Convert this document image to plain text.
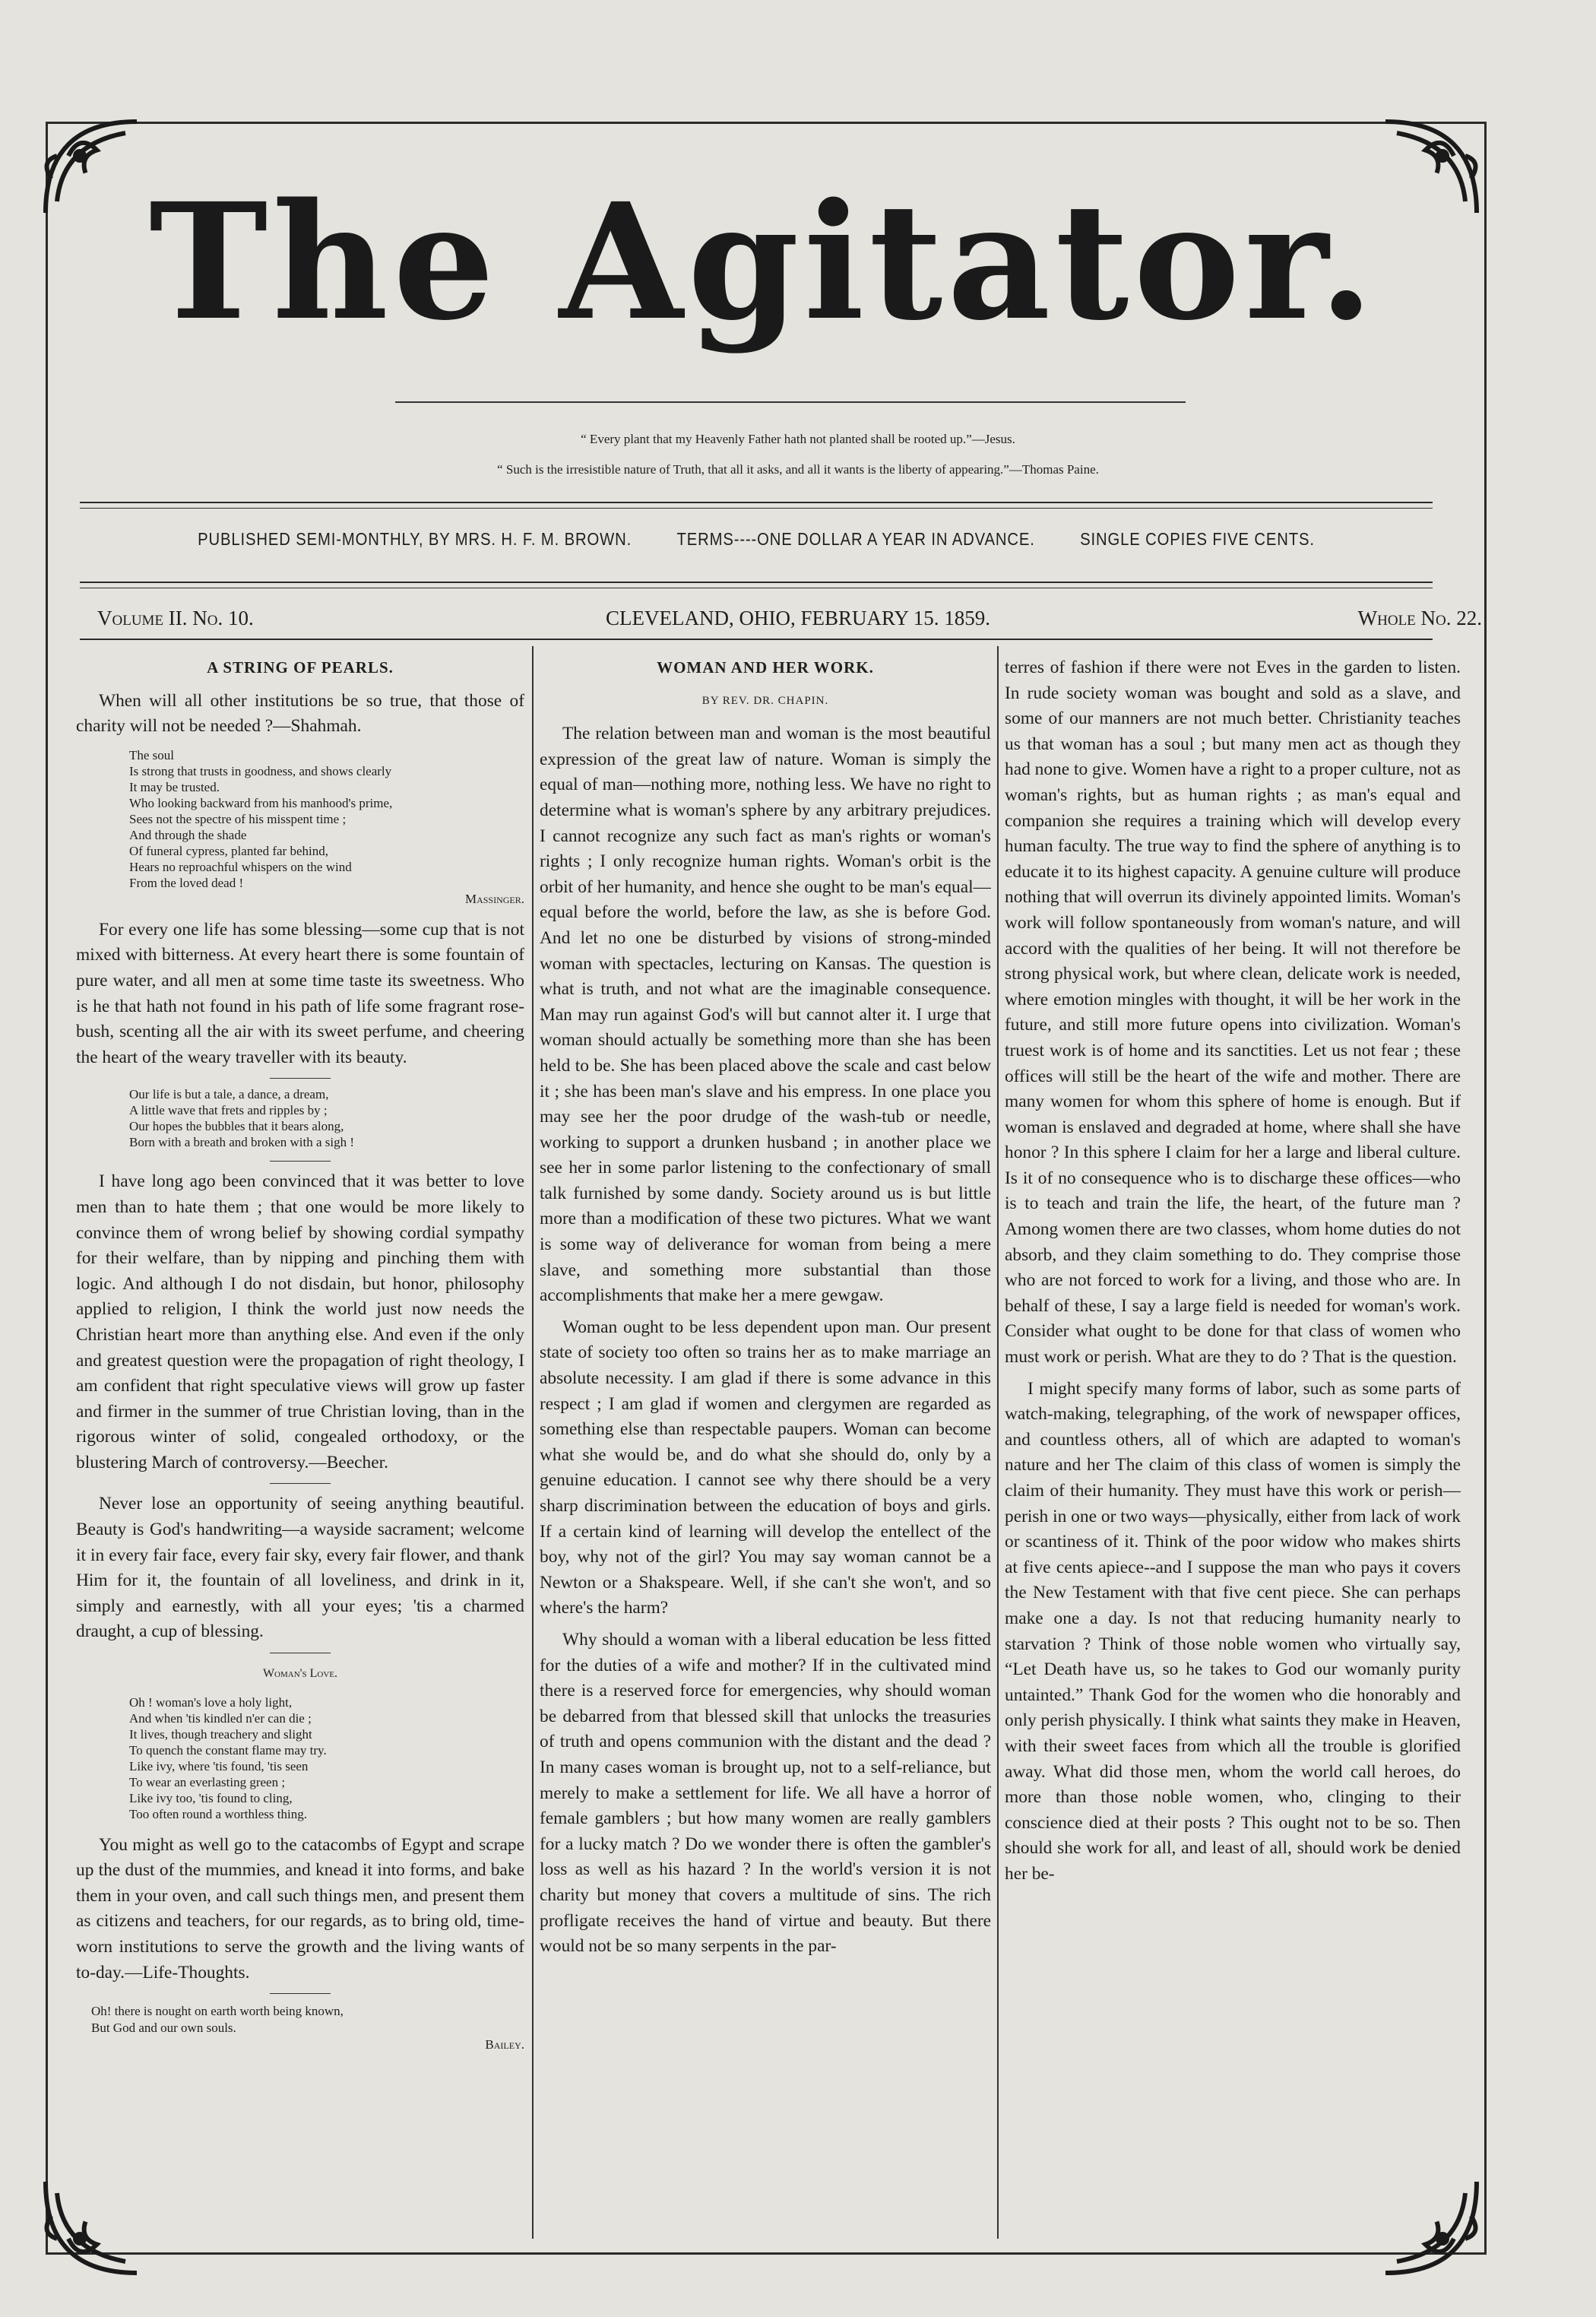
The Agitator.
“ Every plant that my Heavenly Father hath not planted shall be rooted up.”—Jesus.
“ Such is the irresistible nature of Truth, that all it asks, and all it wants is the liberty of appearing.”—Thomas Paine.
PUBLISHED SEMI-MONTHLY, BY MRS. H. F. M. BROWN.	TERMS----ONE DOLLAR A YEAR IN ADVANCE.	SINGLE COPIES FIVE CENTS.
Volume II. No. 10.	CLEVELAND, OHIO, FEBRUARY 15. 1859.	Whole No. 22.
A STRING OF PEARLS.

When will all other institutions be so true, that those of charity will not be needed ?—Shahmah.

The soul
Is strong that trusts in goodness, and shows clearly
It may be trusted.
Who looking backward from his manhood's prime,
Sees not the spectre of his misspent time ;
And through the shade
Of funeral cypress, planted far behind,
Hears no reproachful whispers on the wind
From the loved dead !
Massinger.

For every one life has some blessing—some cup that is not mixed with bitterness. At every heart there is some fountain of pure water, and all men at some time taste its sweetness. Who is he that hath not found in his path of life some fragrant rose-bush, scenting all the air with its sweet perfume, and cheering the heart of the weary traveller with its beauty.

Our life is but a tale, a dance, a dream,
A little wave that frets and ripples by ;
Our hopes the bubbles that it bears along,
Born with a breath and broken with a sigh !

I have long ago been convinced that it was better to love men than to hate them ; that one would be more likely to convince them of wrong belief by showing cordial sympathy for their welfare, than by nipping and pinching them with logic. And although I do not disdain, but honor, philosophy applied to religion, I think the world just now needs the Christian heart more than anything else. And even if the only and greatest question were the propagation of right theology, I am confident that right speculative views will grow up faster and firmer in the summer of true Christian loving, than in the rigorous winter of solid, congealed orthodoxy, or the blustering March of controversy.—Beecher.

Never lose an opportunity of seeing anything beautiful. Beauty is God's handwriting—a wayside sacrament; welcome it in every fair face, every fair sky, every fair flower, and thank Him for it, the fountain of all loveliness, and drink in it, simply and earnestly, with all your eyes; 'tis a charmed draught, a cup of blessing.

Woman's Love.
Oh ! woman's love a holy light,
And when 'tis kindled n'er can die ;
It lives, though treachery and slight
To quench the constant flame may try.
Like ivy, where 'tis found, 'tis seen
To wear an everlasting green ;
Like ivy too, 'tis found to cling,
Too often round a worthless thing.

You might as well go to the catacombs of Egypt and scrape up the dust of the mummies, and knead it into forms, and bake them in your oven, and call such things men, and present them as citizens and teachers, for our regards, as to bring old, time-worn institutions to serve the growth and the living wants of to-day.—Life-Thoughts.

Oh! there is nought on earth worth being known,
But God and our own souls.
Bailey.
WOMAN AND HER WORK.
BY REV. DR. CHAPIN.

The relation between man and woman is the most beautiful expression of the great law of nature. Woman is simply the equal of man—nothing more, nothing less. We have no right to determine what is woman's sphere by any arbitrary prejudices. I cannot recognize any such fact as man's rights or woman's rights ; I only recognize human rights. Woman's orbit is the orbit of her humanity, and hence she ought to be man's equal—equal before the world, before the law, as she is before God. And let no one be disturbed by visions of strong-minded woman with spectacles, lecturing on Kansas. The question is what is truth, and not what are the imaginable consequence. Man may run against God's will but cannot alter it. I urge that woman should actually be something more than she has been held to be. She has been placed above the scale and cast below it ; she has been man's slave and his empress. In one place you may see her the poor drudge of the wash-tub or needle, working to support a drunken husband ; in another place we see her in some parlor listening to the confectionary of small talk furnished by some dandy. Society around us is but little more than a modification of these two pictures. What we want is some way of deliverance for woman from being a mere slave, and something more substantial than those accomplishments that make her a mere gewgaw.

Woman ought to be less dependent upon man. Our present state of society too often so trains her as to make marriage an absolute necessity. I am glad if there is some advance in this respect ; I am glad if women and clergymen are regarded as something else than respectable paupers. Woman can become what she would be, and do what she should do, only by a genuine education. I cannot see why there should be a very sharp discrimination between the education of boys and girls. If a certain kind of learning will develop the entellect of the boy, why not of the girl? You may say woman cannot be a Newton or a Shakspeare. Well, if she can't she won't, and so where's the harm?

Why should a woman with a liberal education be less fitted for the duties of a wife and mother? If in the cultivated mind there is a reserved force for emergencies, why should woman be debarred from that blessed skill that unlocks the treasuries of truth and opens communion with the distant and the dead ? In many cases woman is brought up, not to a self-reliance, but merely to make a settlement for life. We all have a horror of female gamblers ; but how many women are really gamblers for a lucky match ? Do we wonder there is often the gambler's loss as well as his hazard ? In the world's version it is not charity but money that covers a multitude of sins. The rich profligate receives the hand of virtue and beauty. But there would not be so many serpents in the par-

terres of fashion if there were not Eves in the garden to listen. In rude society woman was bought and sold as a slave, and some of our manners are not much better. Christianity teaches us that woman has a soul ; but many men act as though they had none to give. Women have a right to a proper culture, not as woman's rights, but as human rights ; as man's equal and companion she requires a training which will develop every human faculty. The true way to find the sphere of anything is to educate it to its highest capacity. A genuine culture will produce nothing that will overrun its divinely appointed limits. Woman's work will follow spontaneously from woman's nature, and will accord with the qualities of her being. It will not therefore be strong physical work, but where clean, delicate work is needed, where emotion mingles with thought, it will be her work in the future, and still more future opens into civilization. Woman's truest work is of home and its sanctities. Let us not fear ; these offices will still be the heart of the wife and mother. There are many women for whom this sphere of home is enough. But if woman is enslaved and degraded at home, where shall she have honor ? In this sphere I claim for her a large and liberal culture. Is it of no consequence who is to discharge these offices—who is to teach and train the life, the heart, of the future man ? Among women there are two classes, whom home duties do not absorb, and they claim something to do. They comprise those who are not forced to work for a living, and those who are. In behalf of these, I say a large field is needed for woman's work. Consider what ought to be done for that class of women who must work or perish. What are they to do ? That is the question.

I might specify many forms of labor, such as some parts of watch-making, telegraphing, of the work of newspaper offices, and countless others, all of which are adapted to woman's nature and her The claim of this class of women is simply the claim of their humanity. They must have this work or perish—perish in one or two ways—physically, either from lack of work or scantiness of it. Think of the poor widow who makes shirts at five cents apiece--and I suppose the man who pays it covers the New Testament with that five cent piece. She can perhaps make one a day. Is not that reducing humanity nearly to starvation ? Think of those noble women who virtually say, “Let Death have us, so he takes to God our womanly purity untainted.” Thank God for the women who die honorably and only perish physically. I think what saints they make in Heaven, with their sweet faces from which all the trouble is glorified away. What did those men, whom the world call heroes, do more than those noble women, who, clinging to their conscience died at their posts ? This ought not to be so. Then should she work for all, and least of all, should work be denied her be-
